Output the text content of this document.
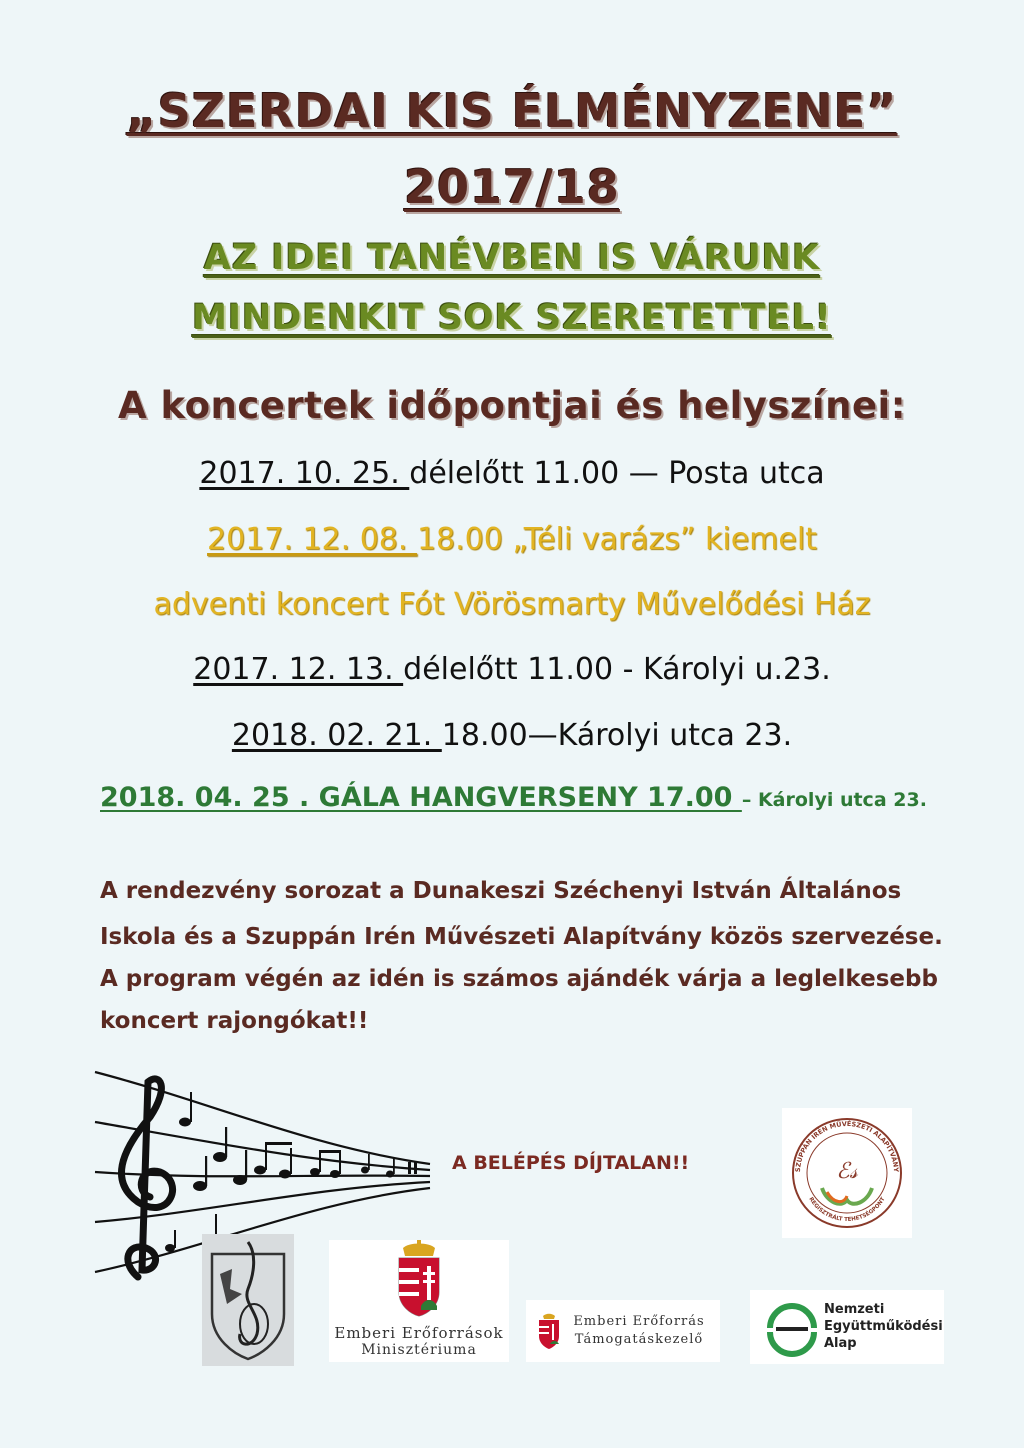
„SZERDAI KIS ÉLMÉNYZENE”
2017/18
AZ IDEI TANÉVBEN IS VÁRUNK
MINDENKIT SOK SZERETETTEL!
A koncertek időpontjai és helyszínei:
2017. 10. 25. délelőtt 11.00 — Posta utca
2017. 12. 08. 18.00 „Téli varázs” kiemelt
adventi koncert Fót Vörösmarty Művelődési Ház
2017. 12. 13. délelőtt 11.00 - Károlyi u.23.
2018. 02. 21. 18.00—Károlyi utca 23.
2018. 04. 25 . GÁLA HANGVERSENY 17.00 – Károlyi utca 23.
A rendezvény sorozat a Dunakeszi Széchenyi István Általános
Iskola és a Szuppán Irén Művészeti Alapítvány közös szervezése.
A program végén az idén is számos ajándék várja a leglelkesebb
koncert rajongókat!!
A BELÉPÉS DÍJTALAN!!	ℰ𝓈
SZUPPÁN IRÉN MŰVÉSZETI ALAPÍTVÁNY
REGISZTRÁLT TEHETSÉGPONT
Emberi Erőforrások
Minisztériuma
Emberi Erőforrás
Támogatáskezelő
Nemzeti
Együttműködési
Alap
